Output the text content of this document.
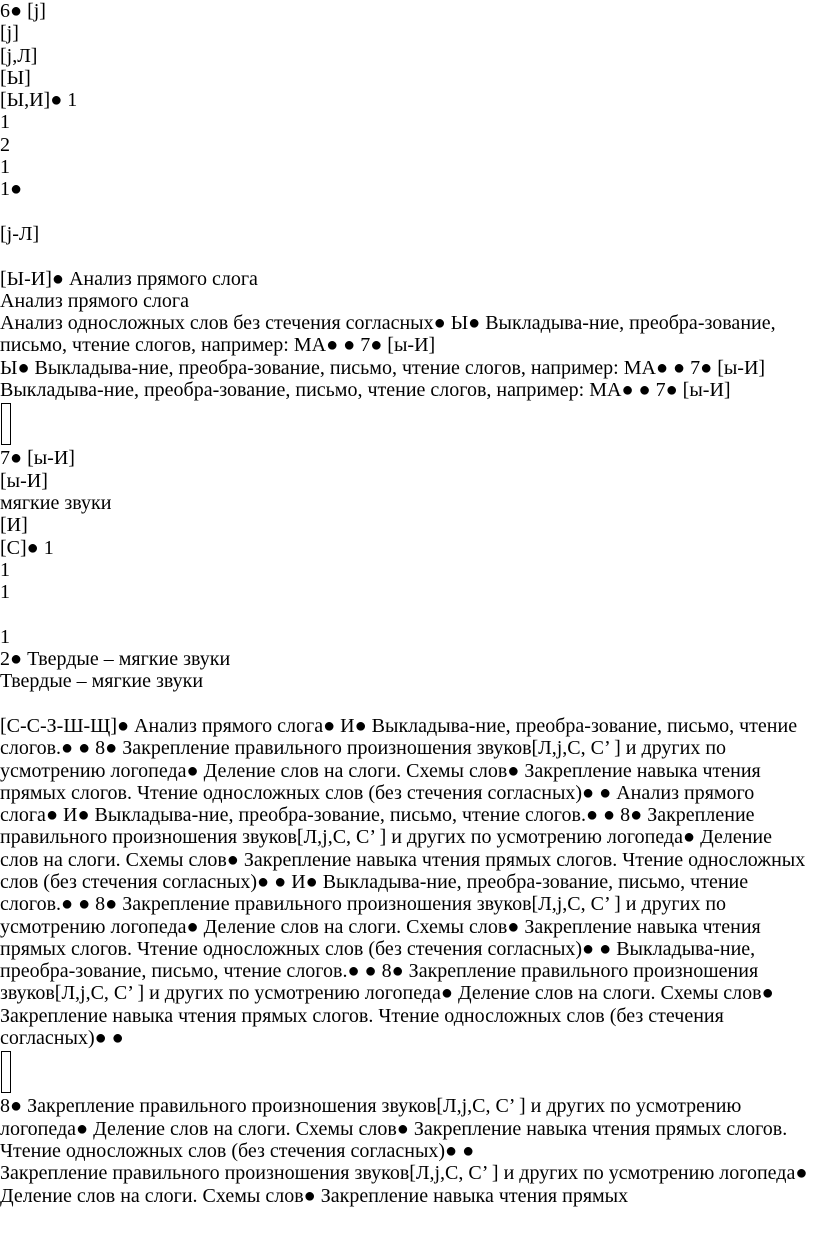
6● [j]
[j]
[j,Л]
[Ы]
[Ы,И]● 1
1
2
1
1●
[j-Л]
[Ы-И]● Анализ прямого слога
Анализ прямого слога
Анализ односложных слов без стечения согласных● Ы● Выкладыва-ние, преобра-зование, письмо, чтение слогов, например: МА● ● 7● [ы-И]
Ы● Выкладыва-ние, преобра-зование, письмо, чтение слогов, например: МА● ● 7● [ы-И]
Выкладыва-ние, преобра-зование, письмо, чтение слогов, например: МА● ● 7● [ы-И]
7● [ы-И]
[ы-И]
мягкие звуки
[И]
[С]● 1
1
1
1
2● Твердые – мягкие звуки
Твердые – мягкие звуки
[С-С-З-Ш-Щ]● Анализ прямого слога● И● Выкладыва-ние, преобра-зование, письмо, чтение слогов.● ● 8● Закрепление правильного произношения звуков[Л,j,С, С’ ] и других по усмотрению логопеда● Деление слов на слоги. Схемы слов● Закрепление навыка чтения прямых слогов. Чтение односложных слов (без стечения согласных)● ● Анализ прямого слога● И● Выкладыва-ние, преобра-зование, письмо, чтение слогов.● ● 8● Закрепление правильного произношения звуков[Л,j,С, С’ ] и других по усмотрению логопеда● Деление слов на слоги. Схемы слов● Закрепление навыка чтения прямых слогов. Чтение односложных слов (без стечения согласных)● ● И● Выкладыва-ние, преобра-зование, письмо, чтение слогов.● ● 8● Закрепление правильного произношения звуков[Л,j,С, С’ ] и других по усмотрению логопеда● Деление слов на слоги. Схемы слов● Закрепление навыка чтения прямых слогов. Чтение односложных слов (без стечения согласных)● ● Выкладыва-ние, преобра-зование, письмо, чтение слогов.● ● 8● Закрепление правильного произношения звуков[Л,j,С, С’ ] и других по усмотрению логопеда● Деление слов на слоги. Схемы слов● Закрепление навыка чтения прямых слогов. Чтение односложных слов (без стечения согласных)● ●
8● Закрепление правильного произношения звуков[Л,j,С, С’ ] и других по усмотрению логопеда● Деление слов на слоги. Схемы слов● Закрепление навыка чтения прямых слогов. Чтение односложных слов (без стечения согласных)● ●
Закрепление правильного произношения звуков[Л,j,С, С’ ] и других по усмотрению логопеда● Деление слов на слоги. Схемы слов● Закрепление навыка чтения прямых
